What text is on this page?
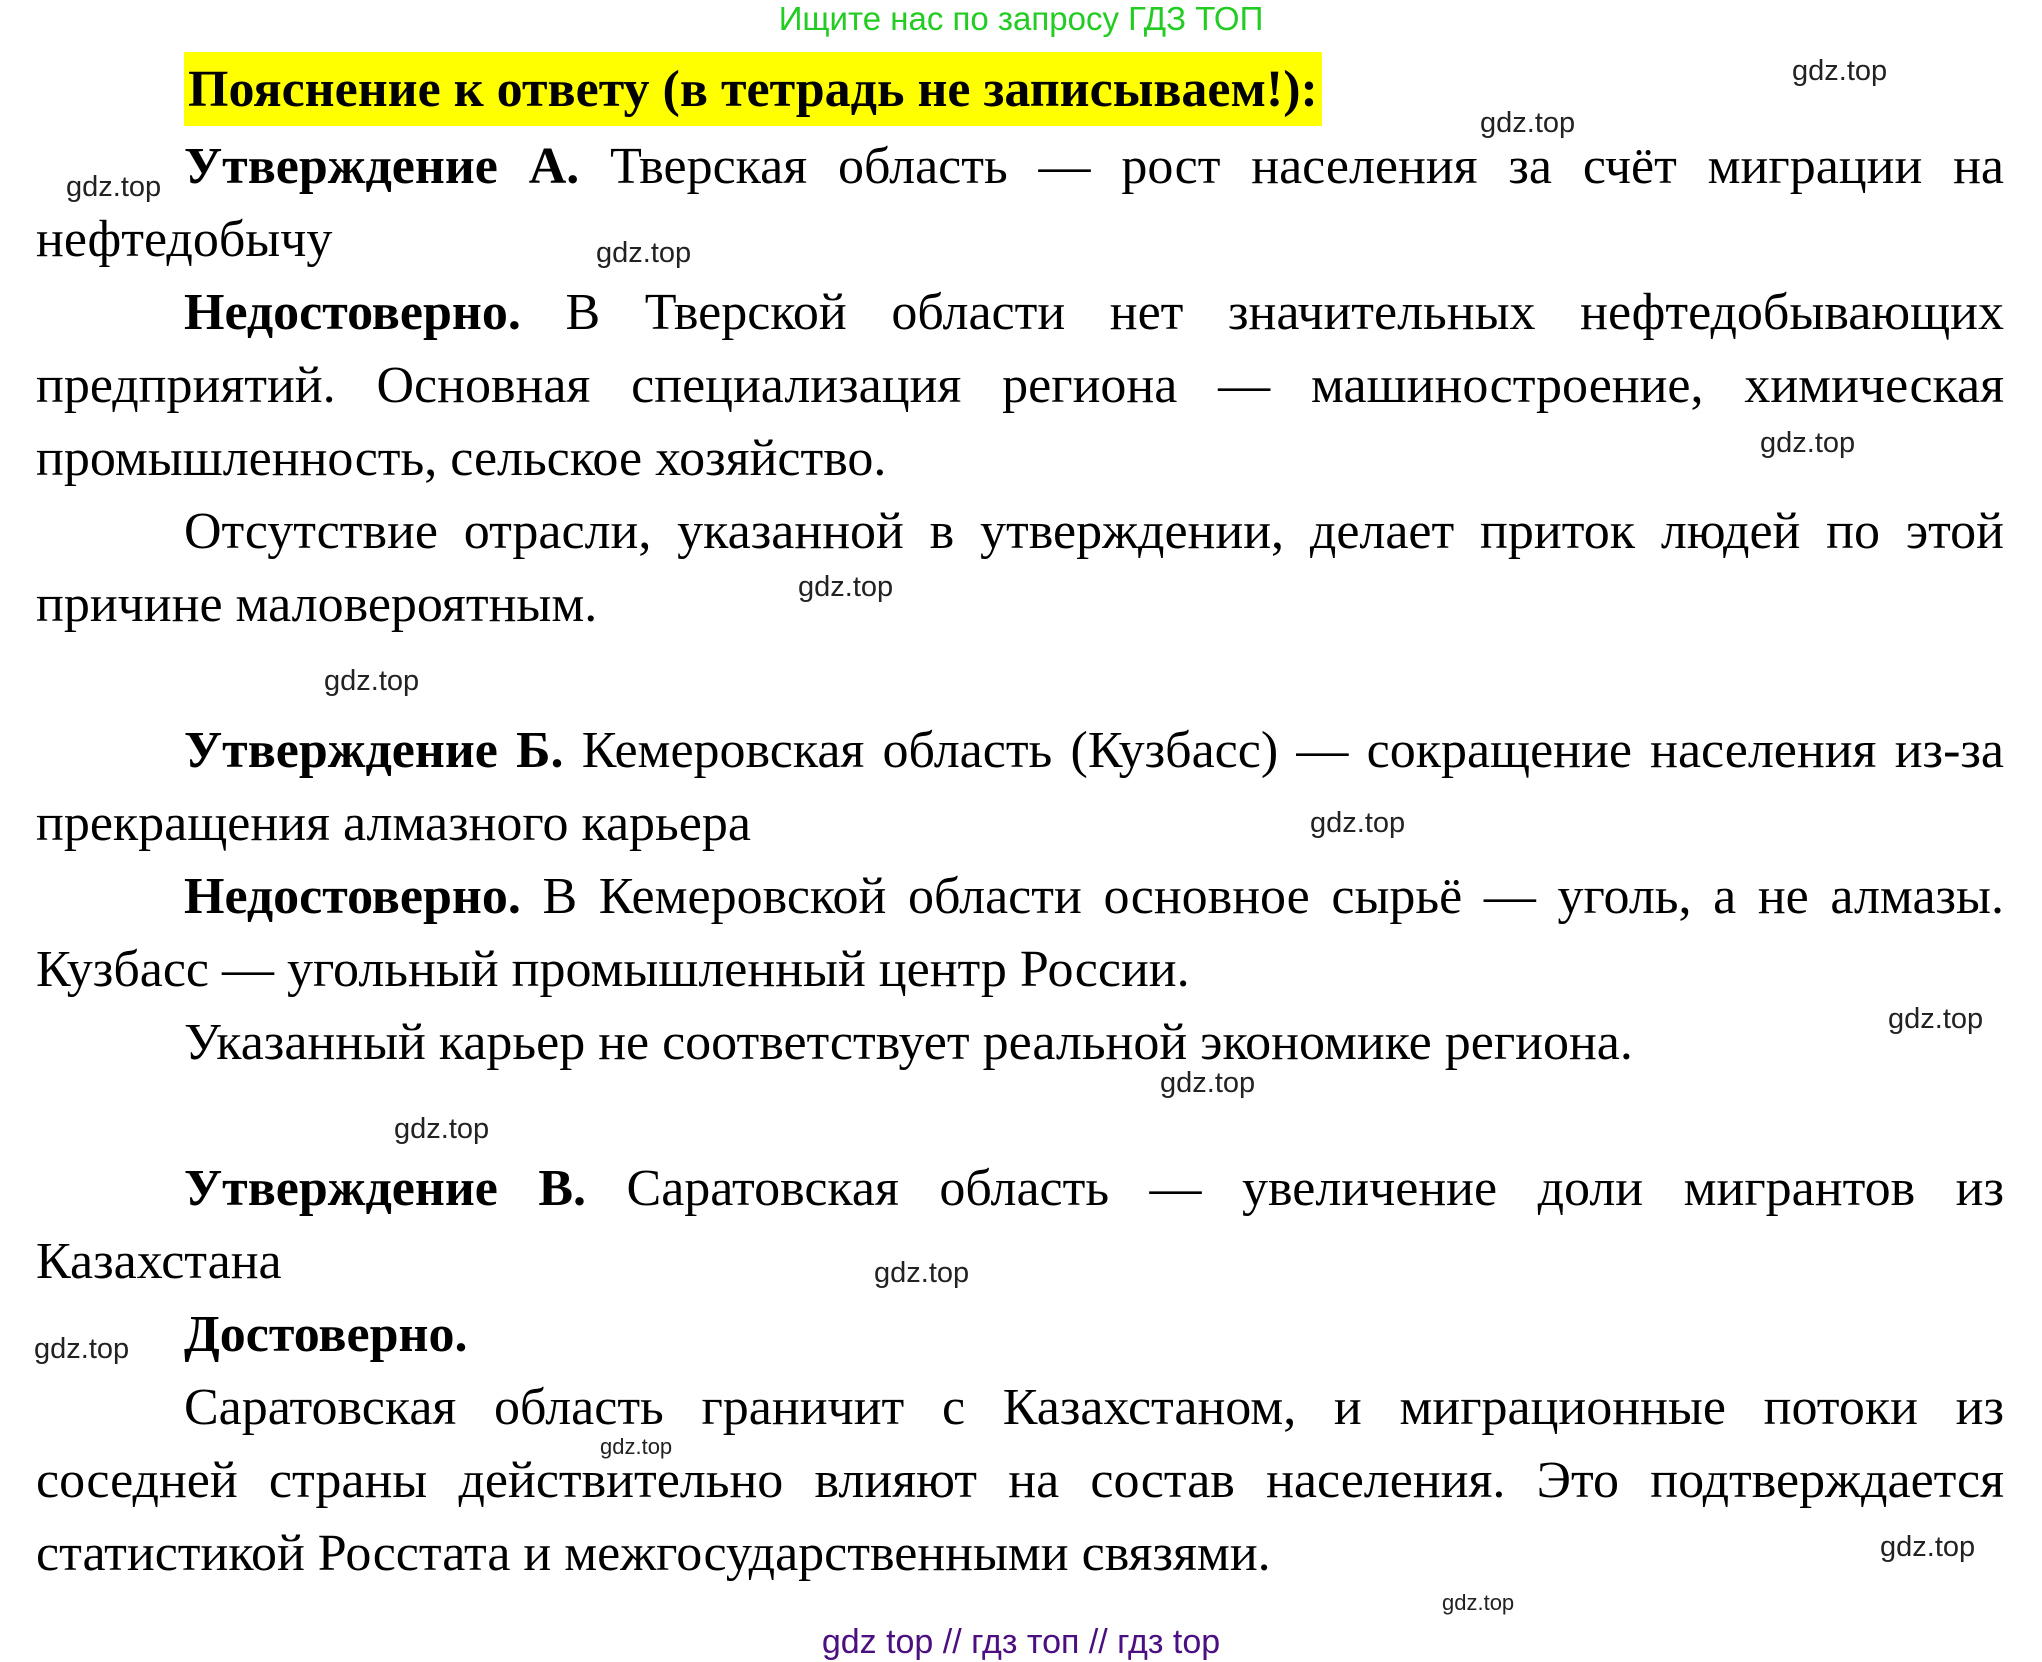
Ищите нас по запросу ГДЗ ТОП
Пояснение к ответу (в тетрадь не записываем!):

Утверждение А. Тверская область — рост населения за счёт миграции на нефтедобычу

Недостоверно. В Тверской области нет значительных нефтедобывающих предприятий. Основная специализация региона — машиностроение, химическая промышленность, сельское хозяйство.

Отсутствие отрасли, указанной в утверждении, делает приток людей по этой причине маловероятным.

Утверждение Б. Кемеровская область (Кузбасс) — сокращение населения из-за прекращения алмазного карьера

Недостоверно. В Кемеровской области основное сырьё — уголь, а не алмазы. Кузбасс — угольный промышленный центр России.

Указанный карьер не соответствует реальной экономике региона.

Утверждение В. Саратовская область — увеличение доли мигрантов из Казахстана

Достоверно.

Саратовская область граничит с Казахстаном, и миграционные потоки из соседней страны действительно влияют на состав населения. Это подтверждается статистикой Росстата и межгосударственными связями.

gdz.top
gdz.top
gdz.top
gdz.top
gdz.top
gdz.top
gdz.top
gdz.top
gdz.top
gdz.top
gdz.top
gdz.top
gdz.top
gdz.top
gdz.top
gdz.top
gdz top // гдз топ // гдз top
